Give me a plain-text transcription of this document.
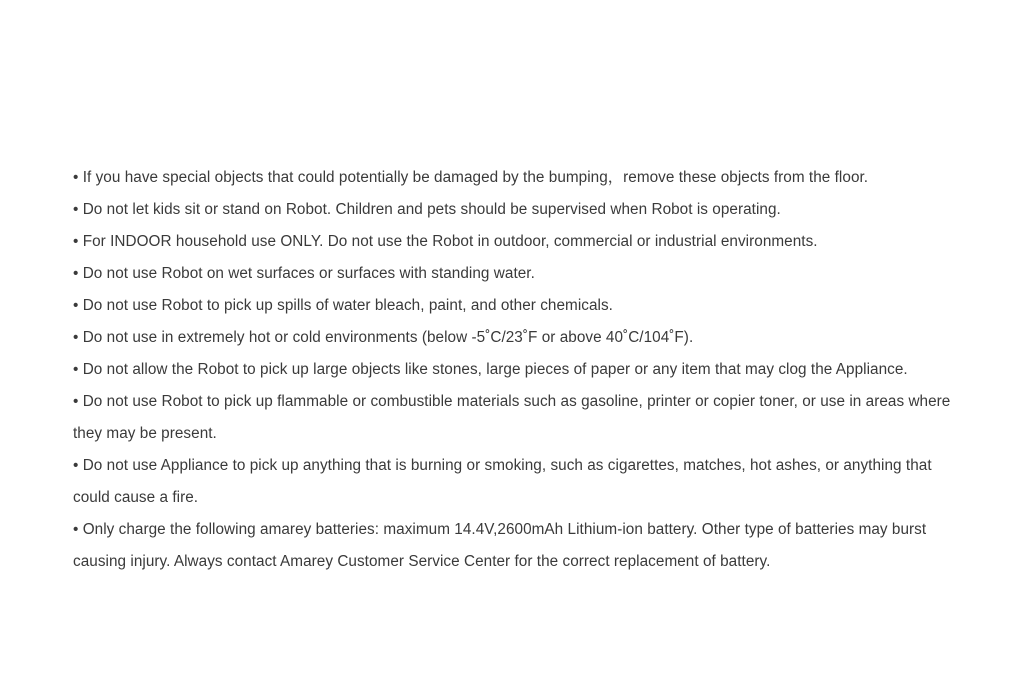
• If you have special objects that could potentially be damaged by the bumping，remove these objects from the floor.
• Do not let kids sit or stand on Robot. Children and pets should be supervised when Robot is operating.
• For INDOOR household use ONLY. Do not use the Robot in outdoor, commercial or industrial environments.
• Do not use Robot on wet surfaces or surfaces with standing water.
• Do not use Robot to pick up spills of water bleach, paint, and other chemicals.
• Do not use in extremely hot or cold environments (below -5˚C/23˚F or above 40˚C/104˚F).
• Do not allow the Robot to pick up large objects like stones, large pieces of paper or any item that may clog the Appliance.
• Do not use Robot to pick up flammable or combustible materials such as gasoline, printer or copier toner, or use in areas where they may be present.
• Do not use Appliance to pick up anything that is burning or smoking, such as cigarettes, matches, hot ashes, or anything that could cause a fire.
• Only charge the following amarey batteries: maximum 14.4V,2600mAh Lithium-ion battery. Other type of batteries may burst causing injury. Always contact Amarey Customer Service Center for the correct replacement of battery.
